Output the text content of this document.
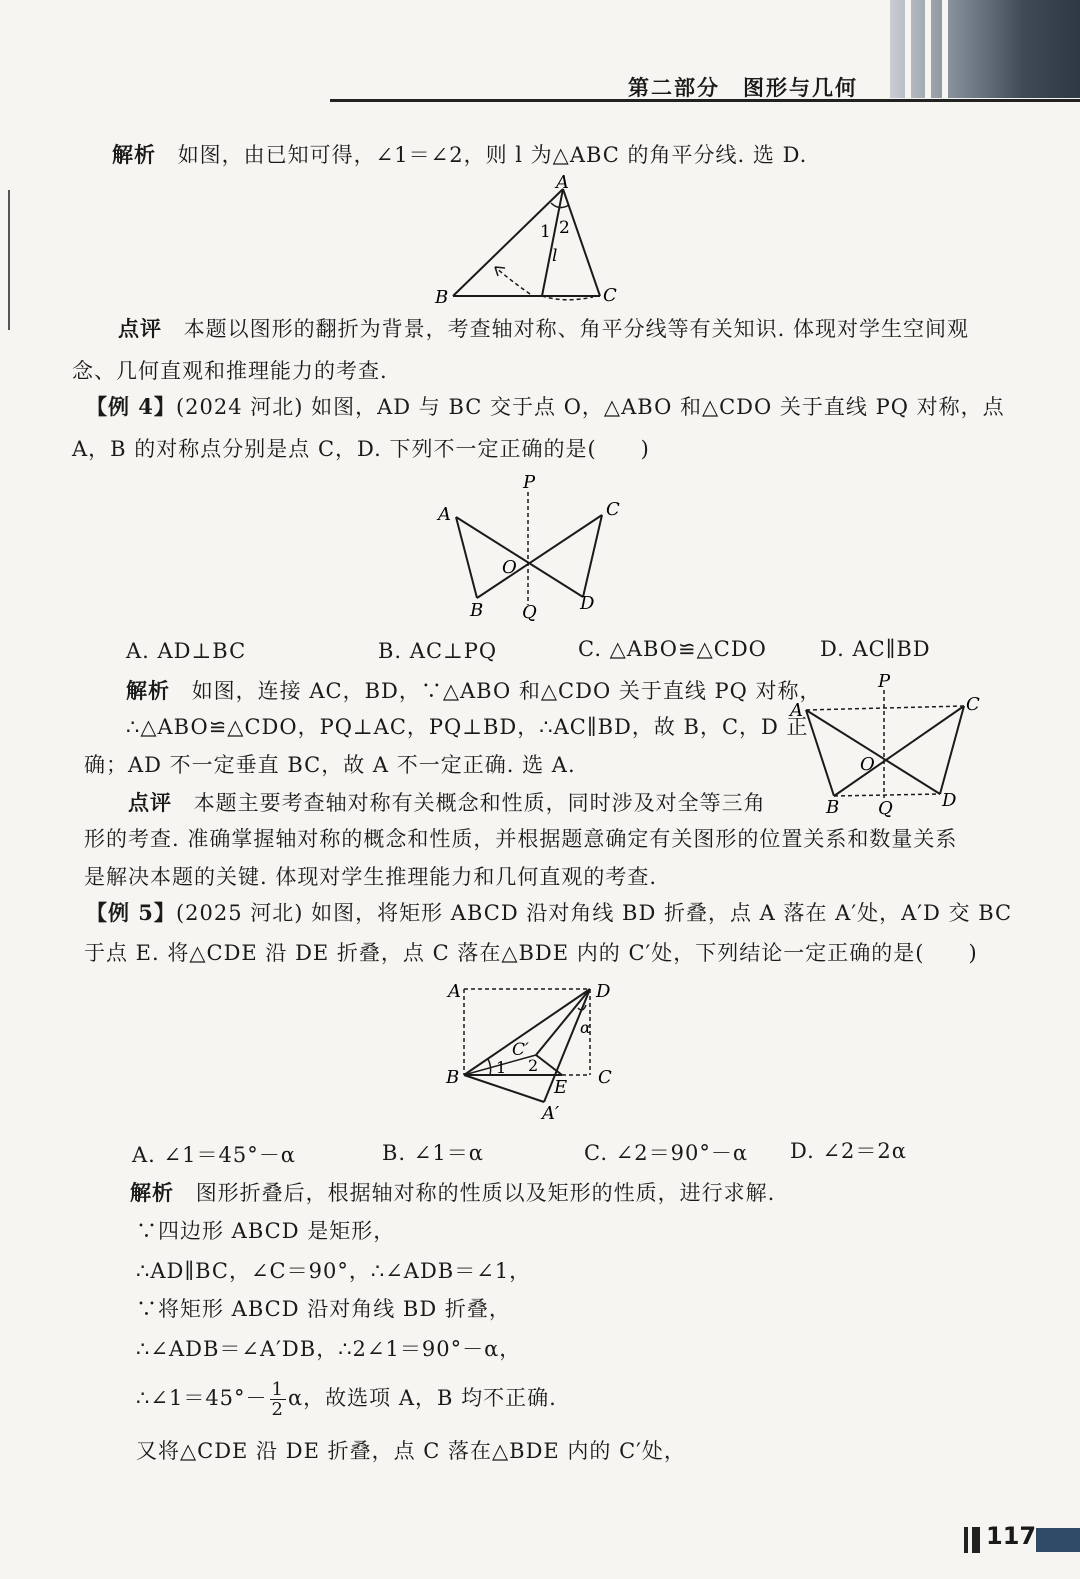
第二部分　图形与几何
解析 如图，由已知可得，∠1＝∠2，则 l 为△ABC 的角平分线. 选 D.
A
B	C
1 2
l
点评 本题以图形的翻折为背景，考查轴对称、角平分线等有关知识. 体现对学生空间观
念、几何直观和推理能力的考查.
【例 4】(2024 河北) 如图，AD 与 BC 交于点 O，△ABO 和△CDO 关于直线 PQ 对称，点
A，B 的对称点分别是点 C，D. 下列不一定正确的是(　　)
P
A	C
O
B Q D
A. AD⊥BC	B. AC⊥PQ	C. △ABO≌△CDO	D. AC∥BD
解析 如图，连接 AC，BD，∵△ABO 和△CDO 关于直线 PQ 对称，
∴△ABO≌△CDO，PQ⊥AC，PQ⊥BD，∴AC∥BD，故 B，C，D 正
确；AD 不一定垂直 BC，故 A 不一定正确. 选 A.
P
A	C
O
B Q	D
点评 本题主要考查轴对称有关概念和性质，同时涉及对全等三角
形的考查. 准确掌握轴对称的概念和性质，并根据题意确定有关图形的位置关系和数量关系
是解决本题的关键. 体现对学生推理能力和几何直观的考查.
【例 5】(2025 河北) 如图，将矩形 ABCD 沿对角线 BD 折叠，点 A 落在 A′处，A′D 交 BC
于点 E. 将△CDE 沿 DE 折叠，点 C 落在△BDE 内的 C′处，下列结论一定正确的是(　　)
A	D
α
C′
2
1
B	E C
A′
A. ∠1＝45°－α	B. ∠1＝α	C. ∠2＝90°－α D. ∠2＝2α
解析 图形折叠后，根据轴对称的性质以及矩形的性质，进行求解.
∵四边形 ABCD 是矩形，
∴AD∥BC，∠C＝90°，∴∠ADB＝∠1，
∵将矩形 ABCD 沿对角线 BD 折叠，
∴∠ADB＝∠A′DB，∴2∠1＝90°－α，
∴∠1＝45°－ $\frac{1}{2}$ α，故选项 A，B 均不正确.
又将△CDE 沿 DE 折叠，点 C 落在△BDE 内的 C′处，
117
